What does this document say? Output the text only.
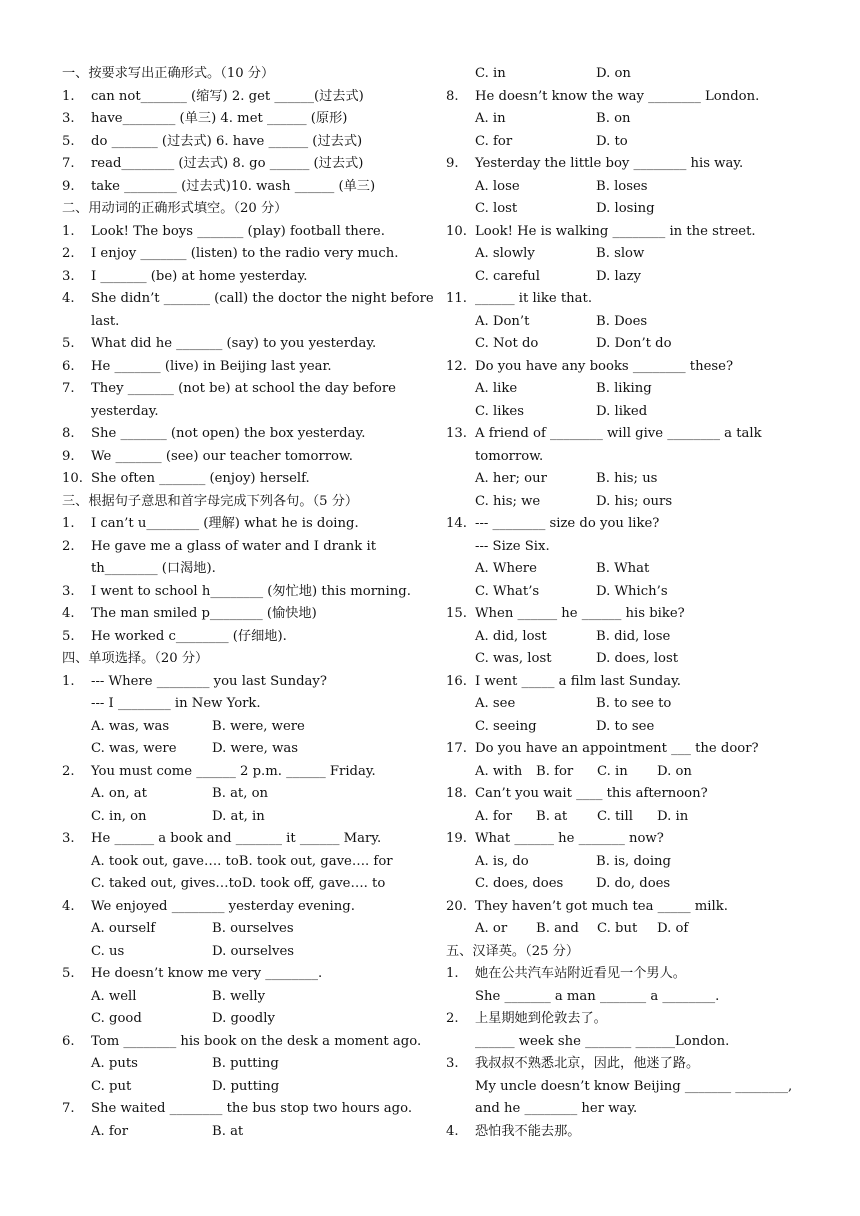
一、按要求写出正确形式。（10 分）
1. can not_______ (缩写) 2. get ______(过去式)
3. have________ (单三) 4. met ______ (原形)
5. do _______ (过去式) 6. have ______ (过去式)
7. read________ (过去式) 8. go ______ (过去式)
9. take ________ (过去式)10. wash ______ (单三)
二、用动词的正确形式填空。（20 分）
1. Look! The boys _______ (play) football there.
2. I enjoy _______ (listen) to the radio very much.
3. I _______ (be) at home yesterday.
4. She didn’t _______ (call) the doctor the night before
last.
5. What did he _______ (say) to you yesterday.
6. He _______ (live) in Beijing last year.
7. They _______ (not be) at school the day before
yesterday.
8. She _______ (not open) the box yesterday.
9. We _______ (see) our teacher tomorrow.
10. She often _______ (enjoy) herself.
三、根据句子意思和首字母完成下列各句。（5 分）
1. I can’t u________ (理解) what he is doing.
2. He gave me a glass of water and I drank it
th________ (口渴地).
3. I went to school h________ (匆忙地) this morning.
4. The man smiled p________ (愉快地)
5. He worked c________ (仔细地).
四、单项选择。（20 分）
1. --- Where ________ you last Sunday?
--- I ________ in New York.
A. was, was	B. were, were
C. was, were	D. were, was
2. You must come ______ 2 p.m. ______ Friday.
A. on, at	B. at, on
C. in, on	D. at, in
3. He ______ a book and _______ it ______ Mary.
A. took out, gave…. toB. took out, gave…. for
C. taked out, gives…toD. took off, gave…. to
4. We enjoyed ________ yesterday evening.
A. ourself	B. ourselves
C. us	D. ourselves
5. He doesn’t know me very ________.
A. well	B. welly
C. good	D. goodly
6. Tom ________ his book on the desk a moment ago.
A. puts	B. putting
C. put	D. putting
7. She waited ________ the bus stop two hours ago.
A. for	B. at
C. in	D. on
8. He doesn’t know the way ________ London.
A. in	B. on
C. for	D. to
9. Yesterday the little boy ________ his way.
A. lose	B. loses
C. lost	D. losing
10. Look! He is walking ________ in the street.
A. slowly	B. slow
C. careful	D. lazy
11. ______ it like that.
A. Don’t	B. Does
C. Not do	D. Don’t do
12. Do you have any books ________ these?
A. like	B. liking
C. likes	D. liked
13. A friend of ________ will give ________ a talk
tomorrow.
A. her; our	B. his; us
C. his; we	D. his; ours
14. --- ________ size do you like?
--- Size Six.
A. Where	B. What
C. What’s	D. Which’s
15. When ______ he ______ his bike?
A. did, lost	B. did, lose
C. was, lost	D. does, lost
16. I went _____ a film last Sunday.
A. see	B. to see to
C. seeing	D. to see
17. Do you have an appointment ___ the door?
A. with B. for C. in D. on
18. Can’t you wait ____ this afternoon?
A. for B. at C. till D. in
19. What ______ he _______ now?
A. is, do	B. is, doing
C. does, does D. do, does
20. They haven’t got much tea _____ milk.
A. or B. and C. but D. of
五、汉译英。（25 分）
1. 她在公共汽车站附近看见一个男人。
She _______ a man _______ a ________.
2. 上星期她到伦敦去了。
______ week she _______ ______London.
3. 我叔叔不熟悉北京，因此，他迷了路。
My uncle doesn’t know Beijing _______ ________,
and he ________ her way.
4. 恐怕我不能去那。
